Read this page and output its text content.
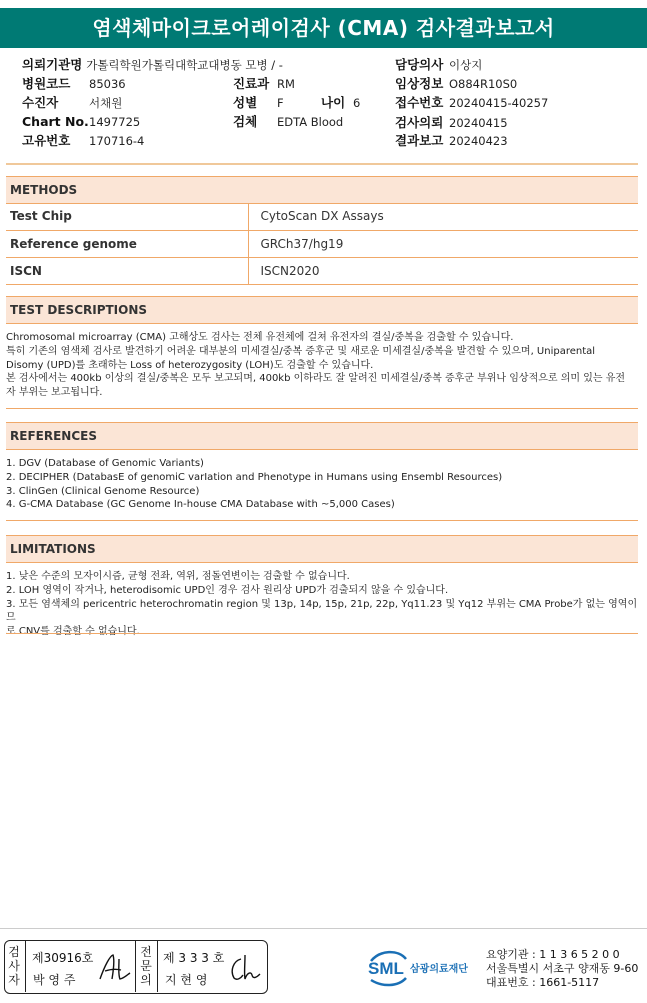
염색체마이크로어레이검사 (CMA) 검사결과보고서
의뢰기관명 가톨릭학원가톨릭대학교대병동 모병 / -
병원코드 85036
수진자	서채원
Chart No.1497725
고유번호 170716-4
진료과 RM
성별 F	나이 6
검체 EDTA Blood
담당의사 이상지
임상정보 O884R10S0
접수번호 20240415-40257
검사의뢰 20240415
결과보고 20240423
METHODS
Test Chip	CytoScan DX Assays
Reference genome	GRCh37/hg19
ISCN	ISCN2020
TEST DESCRIPTIONS
Chromosomal microarray (CMA) 고해상도 검사는 전체 유전체에 걸쳐 유전자의 결실/중복을 검출할 수 있습니다.
특히 기존의 염색체 검사로 발견하기 어려운 대부분의 미세결실/중복 증후군 및 새로운 미세결실/중복을 발견할 수 있으며, Uniparental
Disomy (UPD)를 초래하는 Loss of heterozygosity (LOH)도 검출할 수 있습니다.
본 검사에서는 400kb 이상의 결실/중복은 모두 보고되며, 400kb 이하라도 잘 알려진 미세결실/중복 증후군 부위나 임상적으로 의미 있는 유전
자 부위는 보고됩니다.
REFERENCES
1. DGV (Database of Genomic Variants)
2. DECIPHER (DatabasE of genomiC varIation and Phenotype in Humans using Ensembl Resources)
3. ClinGen (Clinical Genome Resource)
4. G-CMA Database (GC Genome In-house CMA Database with ~5,000 Cases)
LIMITATIONS
1. 낮은 수준의 모자이시즘, 균형 전좌, 역위, 점돌연변이는 검출할 수 없습니다.
2. LOH 영역이 작거나, heterodisomic UPD인 경우 검사 원리상 UPD가 검출되지 않을 수 있습니다.
3. 모든 염색체의 pericentric heterochromatin region 및 13p, 14p, 15p, 21p, 22p, Yq11.23 및 Yq12 부위는 CMA Probe가 없는 영역이므
로 CNV를 검출할 수 없습니다.
검사자
제30916호
박 영 주
전문의
제 3 3 3 호
지 현 영
SML 삼광의료재단
요양기관 : 1 1 3 6 5 2 0 0
서울특별시 서초구 양재동 9-60
대표번호 : 1661-5117
